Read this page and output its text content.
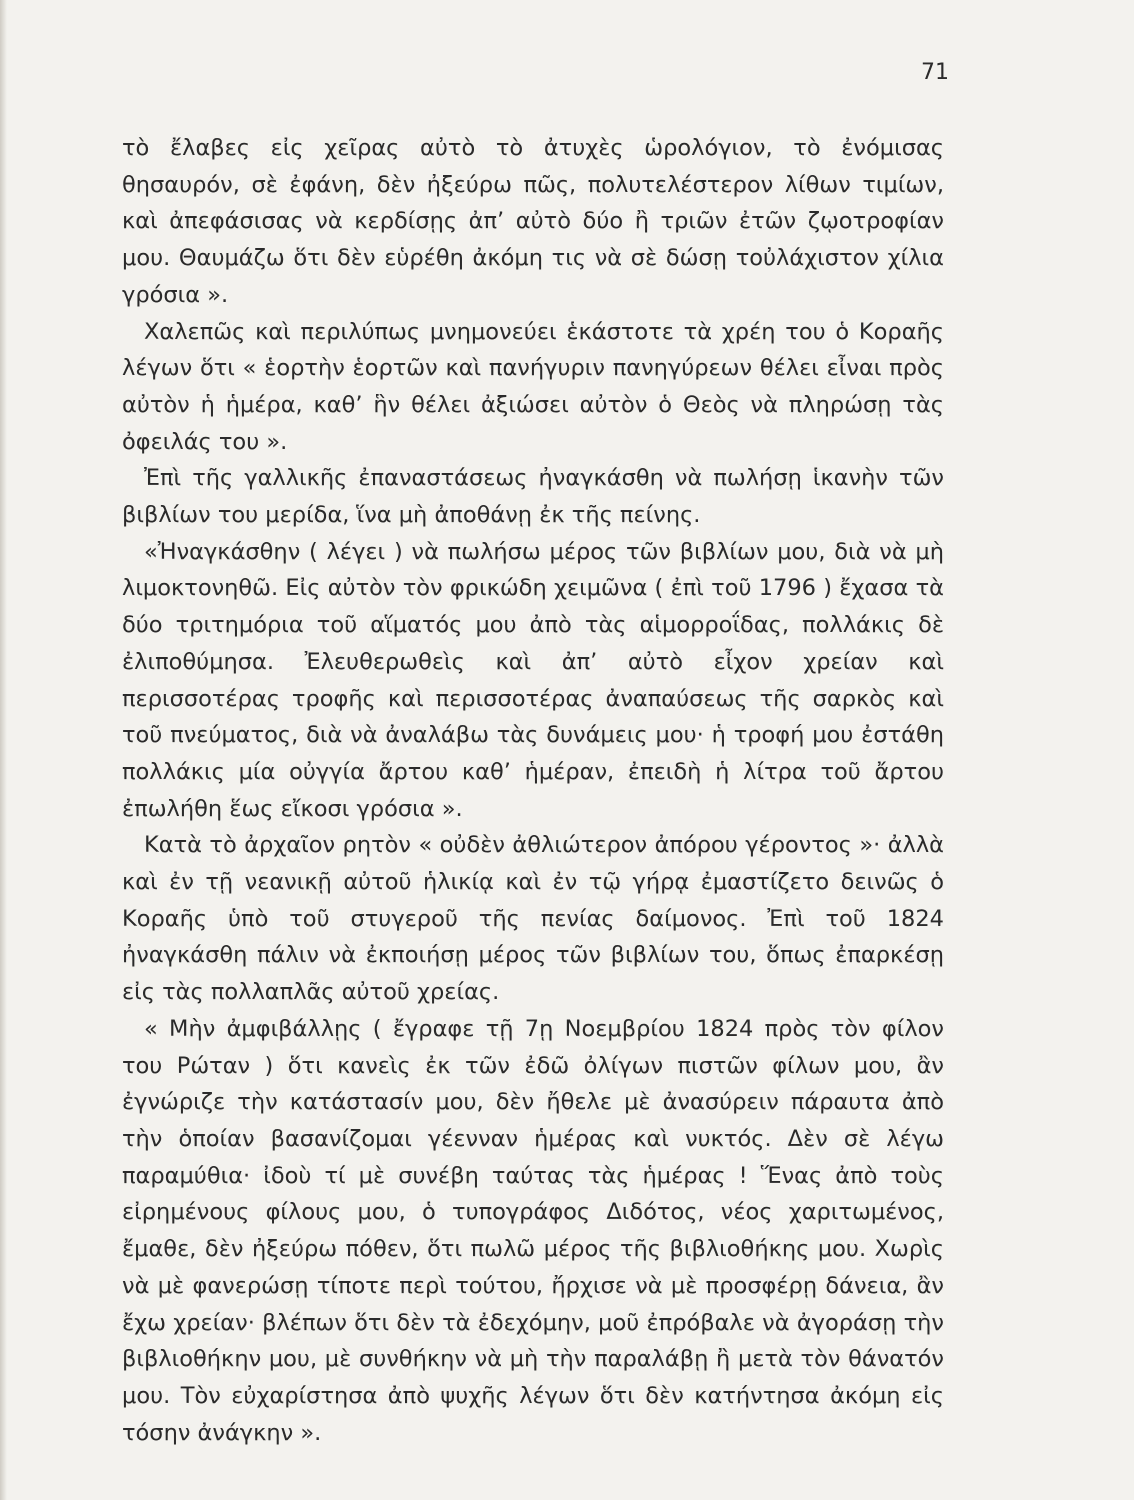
71

τὸ ἔλαβες εἰς χεῖρας αὐτὸ τὸ ἀτυχὲς ὡρολόγιον, τὸ ἐνόμισας θησαυρόν, σὲ ἐφάνη, δὲν ἠξεύρω πῶς, πολυτελέστερον λίθων τιμίων, καὶ ἀπεφάσισας νὰ κερδίσῃς ἀπ’ αὐτὸ δύο ἢ τριῶν ἐτῶν ζῳοτροφίαν μου. Θαυμάζω ὅτι δὲν εὑρέθη ἀκόμη τις νὰ σὲ δώσῃ τοὐλάχιστον χίλια γρόσια ».

Χαλεπῶς καὶ περιλύπως μνημονεύει ἑκάστοτε τὰ χρέη του ὁ Κοραῆς λέγων ὅτι « ἑορτὴν ἑορτῶν καὶ πανήγυριν πανηγύρεων θέλει εἶναι πρὸς αὐτὸν ἡ ἡμέρα, καθ’ ἣν θέλει ἀξιώσει αὐτὸν ὁ Θεὸς νὰ πληρώσῃ τὰς ὀφειλάς του ».

Ἐπὶ τῆς γαλλικῆς ἐπαναστάσεως ἠναγκάσθη νὰ πωλήσῃ ἱκανὴν τῶν βιβλίων του μερίδα, ἵνα μὴ ἀποθάνῃ ἐκ τῆς πείνης.

«Ἠναγκάσθην ( λέγει ) νὰ πωλήσω μέρος τῶν βιβλίων μου, διὰ νὰ μὴ λιμοκτονηθῶ. Εἰς αὐτὸν τὸν φρικώδη χειμῶνα ( ἐπὶ τοῦ 1796 ) ἔχασα τὰ δύο τριτημόρια τοῦ αἵματός μου ἀπὸ τὰς αἱμορροΐδας, πολλάκις δὲ ἐλιποθύμησα. Ἐλευθερωθεὶς καὶ ἀπ’ αὐτὸ εἶχον χρείαν καὶ περισσοτέρας τροφῆς καὶ περισσοτέρας ἀναπαύσεως τῆς σαρκὸς καὶ τοῦ πνεύματος, διὰ νὰ ἀναλάβω τὰς δυνάμεις μου· ἡ τροφή μου ἐστάθη πολλάκις μία οὐγγία ἄρτου καθ’ ἡμέραν, ἐπειδὴ ἡ λίτρα τοῦ ἄρτου ἐπωλήθη ἕως εἴκοσι γρόσια ».

Κατὰ τὸ ἀρχαῖον ρητὸν « οὐδὲν ἀθλιώτερον ἀπόρου γέροντος »· ἀλλὰ καὶ ἐν τῇ νεανικῇ αὐτοῦ ἡλικίᾳ καὶ ἐν τῷ γήρᾳ ἐμαστίζετο δεινῶς ὁ Κοραῆς ὑπὸ τοῦ στυγεροῦ τῆς πενίας δαίμονος. Ἐπὶ τοῦ 1824 ἠναγκάσθη πάλιν νὰ ἐκποιήσῃ μέρος τῶν βιβλίων του, ὅπως ἐπαρκέσῃ εἰς τὰς πολλαπλᾶς αὐτοῦ χρείας.

« Μὴν ἀμφιβάλλῃς ( ἔγραφε τῇ 7ῃ Νοεμβρίου 1824 πρὸς τὸν φίλον του Ρώταν ) ὅτι κανεὶς ἐκ τῶν ἐδῶ ὀλίγων πιστῶν φίλων μου, ἂν ἐγνώριζε τὴν κατάστασίν μου, δὲν ἤθελε μὲ ἀνασύρειν πάραυτα ἀπὸ τὴν ὁποίαν βασανίζομαι γέενναν ἡμέρας καὶ νυκτός. Δὲν σὲ λέγω παραμύθια· ἰδοὺ τί μὲ συνέβη ταύτας τὰς ἡμέρας ! Ἕνας ἀπὸ τοὺς εἰρημένους φίλους μου, ὁ τυπογράφος Διδότος, νέος χαριτωμένος, ἔμαθε, δὲν ἠξεύρω πόθεν, ὅτι πωλῶ μέρος τῆς βιβλιοθήκης μου. Χωρὶς νὰ μὲ φανερώσῃ τίποτε περὶ τούτου, ἤρχισε νὰ μὲ προσφέρῃ δάνεια, ἂν ἔχω χρείαν· βλέπων ὅτι δὲν τὰ ἐδεχόμην, μοῦ ἐπρόβαλε νὰ ἀγοράσῃ τὴν βιβλιοθήκην μου, μὲ συνθήκην νὰ μὴ τὴν παραλάβῃ ἢ μετὰ τὸν θάνατόν μου. Τὸν εὐχαρίστησα ἀπὸ ψυχῆς λέγων ὅτι δὲν κατήντησα ἀκόμη εἰς τόσην ἀνάγκην ».
